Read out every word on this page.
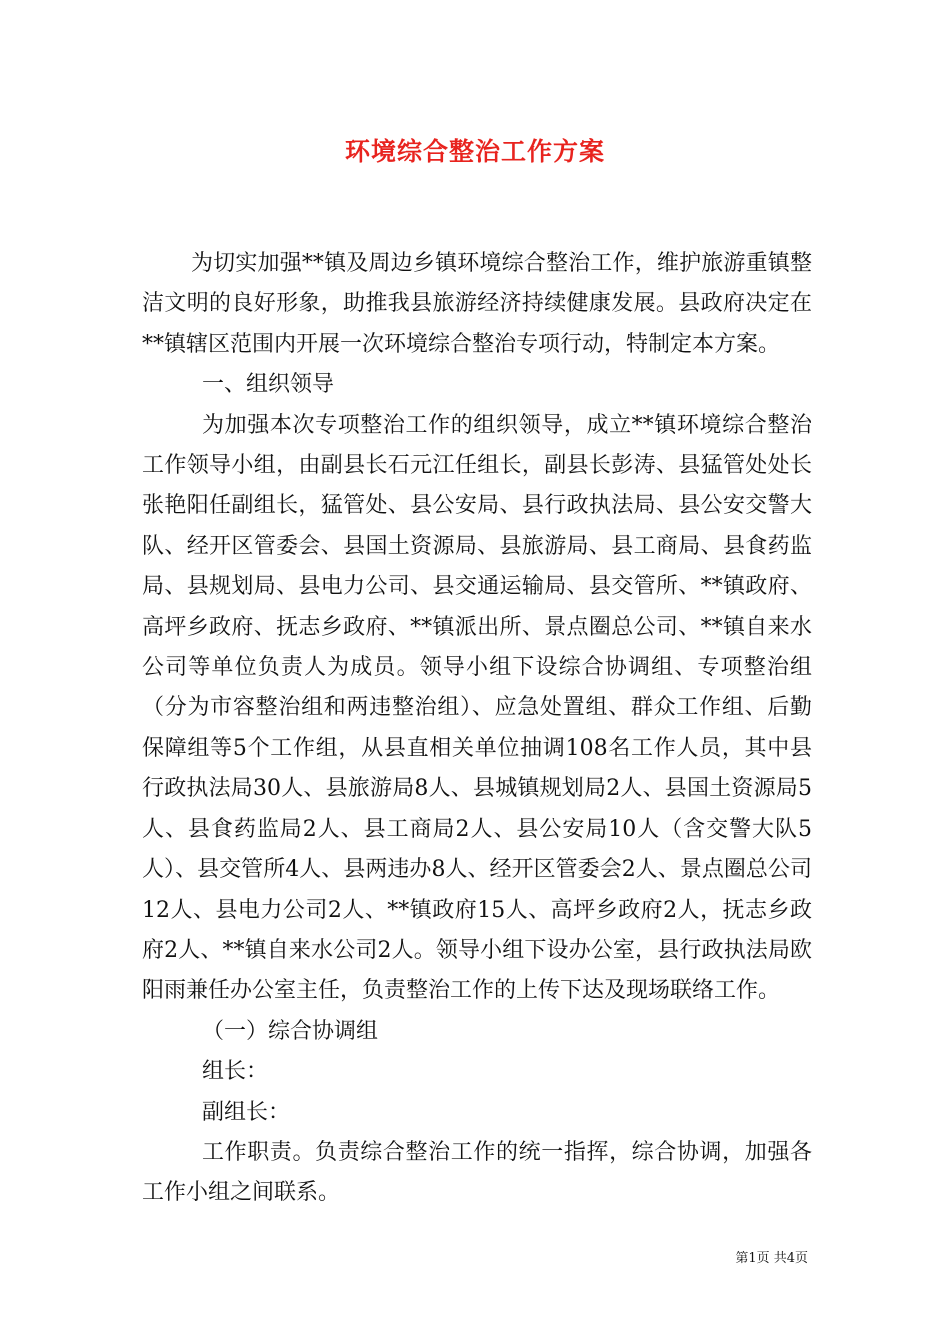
环境综合整治工作方案

为切实加强**镇及周边乡镇环境综合整治工作，维护旅游重镇整洁文明的良好形象，助推我县旅游经济持续健康发展。县政府决定在**镇辖区范围内开展一次环境综合整治专项行动，特制定本方案。

一、组织领导

为加强本次专项整治工作的组织领导，成立**镇环境综合整治工作领导小组，由副县长石元江任组长，副县长彭涛、县猛管处处长张艳阳任副组长，猛管处、县公安局、县行政执法局、县公安交警大队、经开区管委会、县国土资源局、县旅游局、县工商局、县食药监局、县规划局、县电力公司、县交通运输局、县交管所、**镇政府、高坪乡政府、抚志乡政府、**镇派出所、景点圈总公司、**镇自来水公司等单位负责人为成员。领导小组下设综合协调组、专项整治组（分为市容整治组和两违整治组）、应急处置组、群众工作组、后勤保障组等5个工作组，从县直相关单位抽调108名工作人员，其中县行政执法局30人、县旅游局8人、县城镇规划局2人、县国土资源局5人、县食药监局2人、县工商局2人、县公安局10人（含交警大队5人）、县交管所4人、县两违办8人、经开区管委会2人、景点圈总公司12人、县电力公司2人、**镇政府15人、高坪乡政府2人，抚志乡政府2人、**镇自来水公司2人。领导小组下设办公室，县行政执法局欧阳雨兼任办公室主任，负责整治工作的上传下达及现场联络工作。

（一）综合协调组

组长：

副组长：

工作职责。负责综合整治工作的统一指挥，综合协调，加强各工作小组之间联系。

第1页 共4页
